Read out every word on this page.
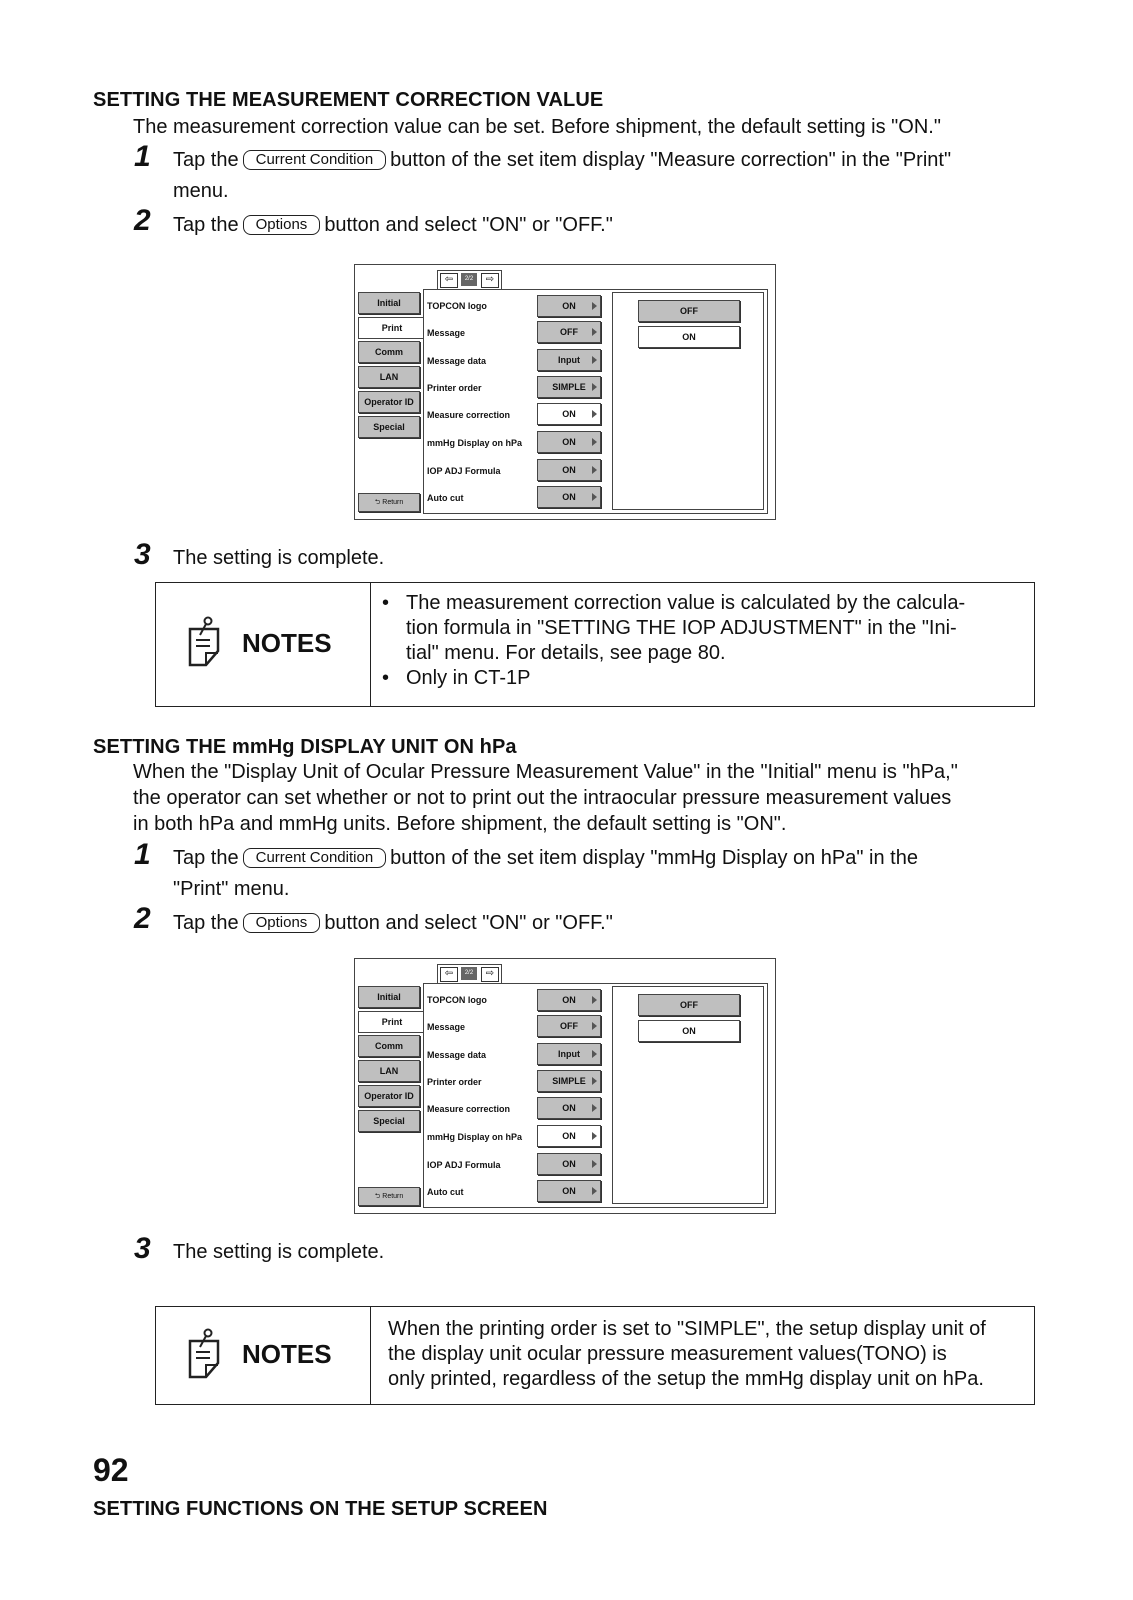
SETTING THE MEASUREMENT CORRECTION VALUE
The measurement correction value can be set. Before shipment, the default setting is "ON."
1 Tap the Current Condition button of the set item display "Measure correction" in the "Print"
menu.
2 Tap the Options button and select "ON" or "OFF."
⇦	2/2	⇨
Initial
Print
Comm
LAN
Operator ID
Special
⮌ Return
TOPCON logo	ON
Message	OFF
Message data	Input
Printer order	SIMPLE
Measure correction	ON
mmHg Display on hPa	ON
IOP ADJ Formula	ON
Auto cut	ON
OFF
ON
3 The setting is complete.
NOTES
• The measurement correction value is calculated by the calcula-
tion formula in "SETTING THE IOP ADJUSTMENT" in the "Ini-
tial" menu. For details, see page 80.
• Only in CT-1P
SETTING THE mmHg DISPLAY UNIT ON hPa
When the "Display Unit of Ocular Pressure Measurement Value" in the "Initial" menu is "hPa,"
the operator can set whether or not to print out the intraocular pressure measurement values
in both hPa and mmHg units. Before shipment, the default setting is "ON".
1 Tap the Current Condition button of the set item display "mmHg Display on hPa" in the
"Print" menu.
2 Tap the Options button and select "ON" or "OFF."
⇦	2/2	⇨
Initial
Print
Comm
LAN
Operator ID
Special
⮌ Return
TOPCON logo	ON
Message	OFF
Message data	Input
Printer order	SIMPLE
Measure correction	ON
mmHg Display on hPa	ON
IOP ADJ Formula	ON
Auto cut	ON
OFF
ON
3 The setting is complete.
NOTES
When the printing order is set to "SIMPLE", the setup display unit of
the display unit ocular pressure measurement values(TONO) is
only printed, regardless of the setup the mmHg display unit on hPa.
92
SETTING FUNCTIONS ON THE SETUP SCREEN
